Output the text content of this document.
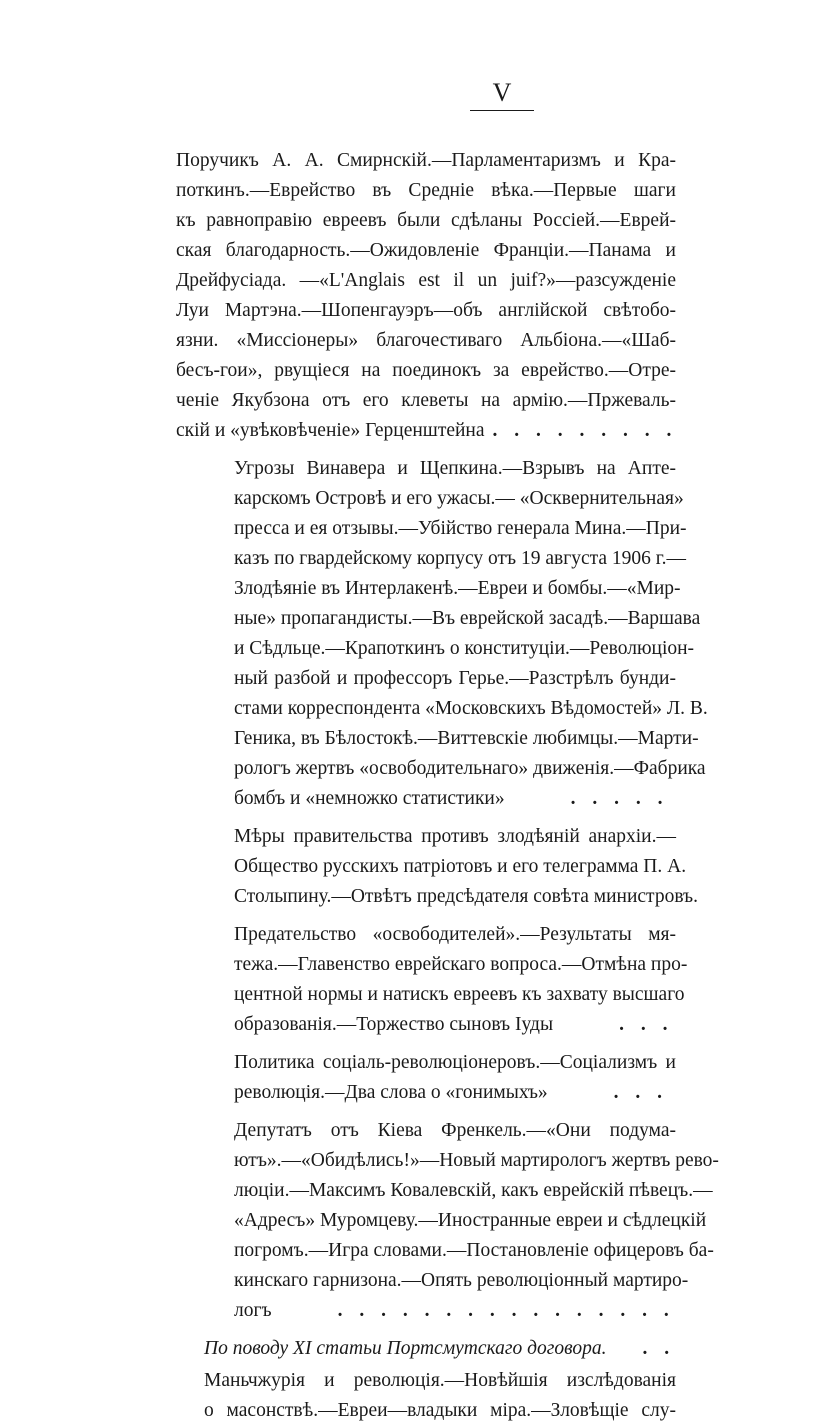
V
Поручикъ А. А. Смирнскій.—Парламентаризмъ и Кра-
поткинъ.—Еврейство въ Средніе вѣка.—Первые шаги
къ равноправію евреевъ были сдѣланы Россіей.—Еврей-
ская благодарность.—Ожидовленіе Франціи.—Панама и
Дрейфусіада. —«L'Anglais est il un juif?»—разсужденіе
Луи Мартэна.—Шопенгауэръ—объ англійской свѣтобо-
язни. «Миссіонеры» благочестиваго Альбіона.—«Шаб-
бесъ-гои», рвущіеся на поединокъ за еврейство.—Отре-
ченіе Якубзона отъ его клеветы на армію.—Пржеваль-
скій и «увѣковѣченіе» Герценштейна
. . .
Угрозы Винавера и Щепкина.—Взрывъ на Апте-
карскомъ Островѣ и его ужасы.— «Осквернительная»
пресса и ея отзывы.—Убійство генерала Мина.—При-
казъ по гвардейскому корпусу отъ 19 августа 1906 г.—
Злодѣяніе въ Интерлакенѣ.—Евреи и бомбы.—«Мир-
ные» пропагандисты.—Въ еврейской засадѣ.—Варшава
и Сѣдльце.—Крапоткинъ о конституціи.—Революціон-
ный разбой и профессоръ Герье.—Разстрѣлъ бунди-
стами корреспондента «Московскихъ Вѣдомостей» Л. В.
Геника, въ Бѣлостокѣ.—Виттевскіе любимцы.—Марти-
рологъ жертвъ «освободительнаго» движенія.—Фабрика
бомбъ и «немножко статистики»
. . .
Мѣры правительства противъ злодѣяній анархіи.—
Общество русскихъ патріотовъ и его телеграмма П. А.
Столыпину.—Отвѣтъ предсѣдателя совѣта министровъ.
Предательство «освободителей».—Результаты мя-
тежа.—Главенство еврейскаго вопроса.—Отмѣна про-
центной нормы и натискъ евреевъ къ захвату высшаго
образованія.—Торжество сыновъ Іуды
. . .
Политика соціаль-революціонеровъ.—Соціализмъ и
революція.—Два слова о «гонимыхъ»
. . .
Депутатъ отъ Кіева Френкель.—«Они подума-
ютъ».—«Обидѣлись!»—Новый мартирологъ жертвъ рево-
люціи.—Максимъ Ковалевскій, какъ еврейскій пѣвецъ.—
«Адресъ» Муромцеву.—Иностранные евреи и сѣдлецкій
погромъ.—Игра словами.—Постановленіе офицеровъ ба-
кинскаго гарнизона.—Опять революціонный мартиро-
логъ
. . .
По поводу XI статьи Портсмутскаго договора.
. . .
Маньчжурія и революція.—Новѣйшія изслѣдованія
о масонствѣ.—Евреи—владыки міра.—Зловѣщіе слу-
